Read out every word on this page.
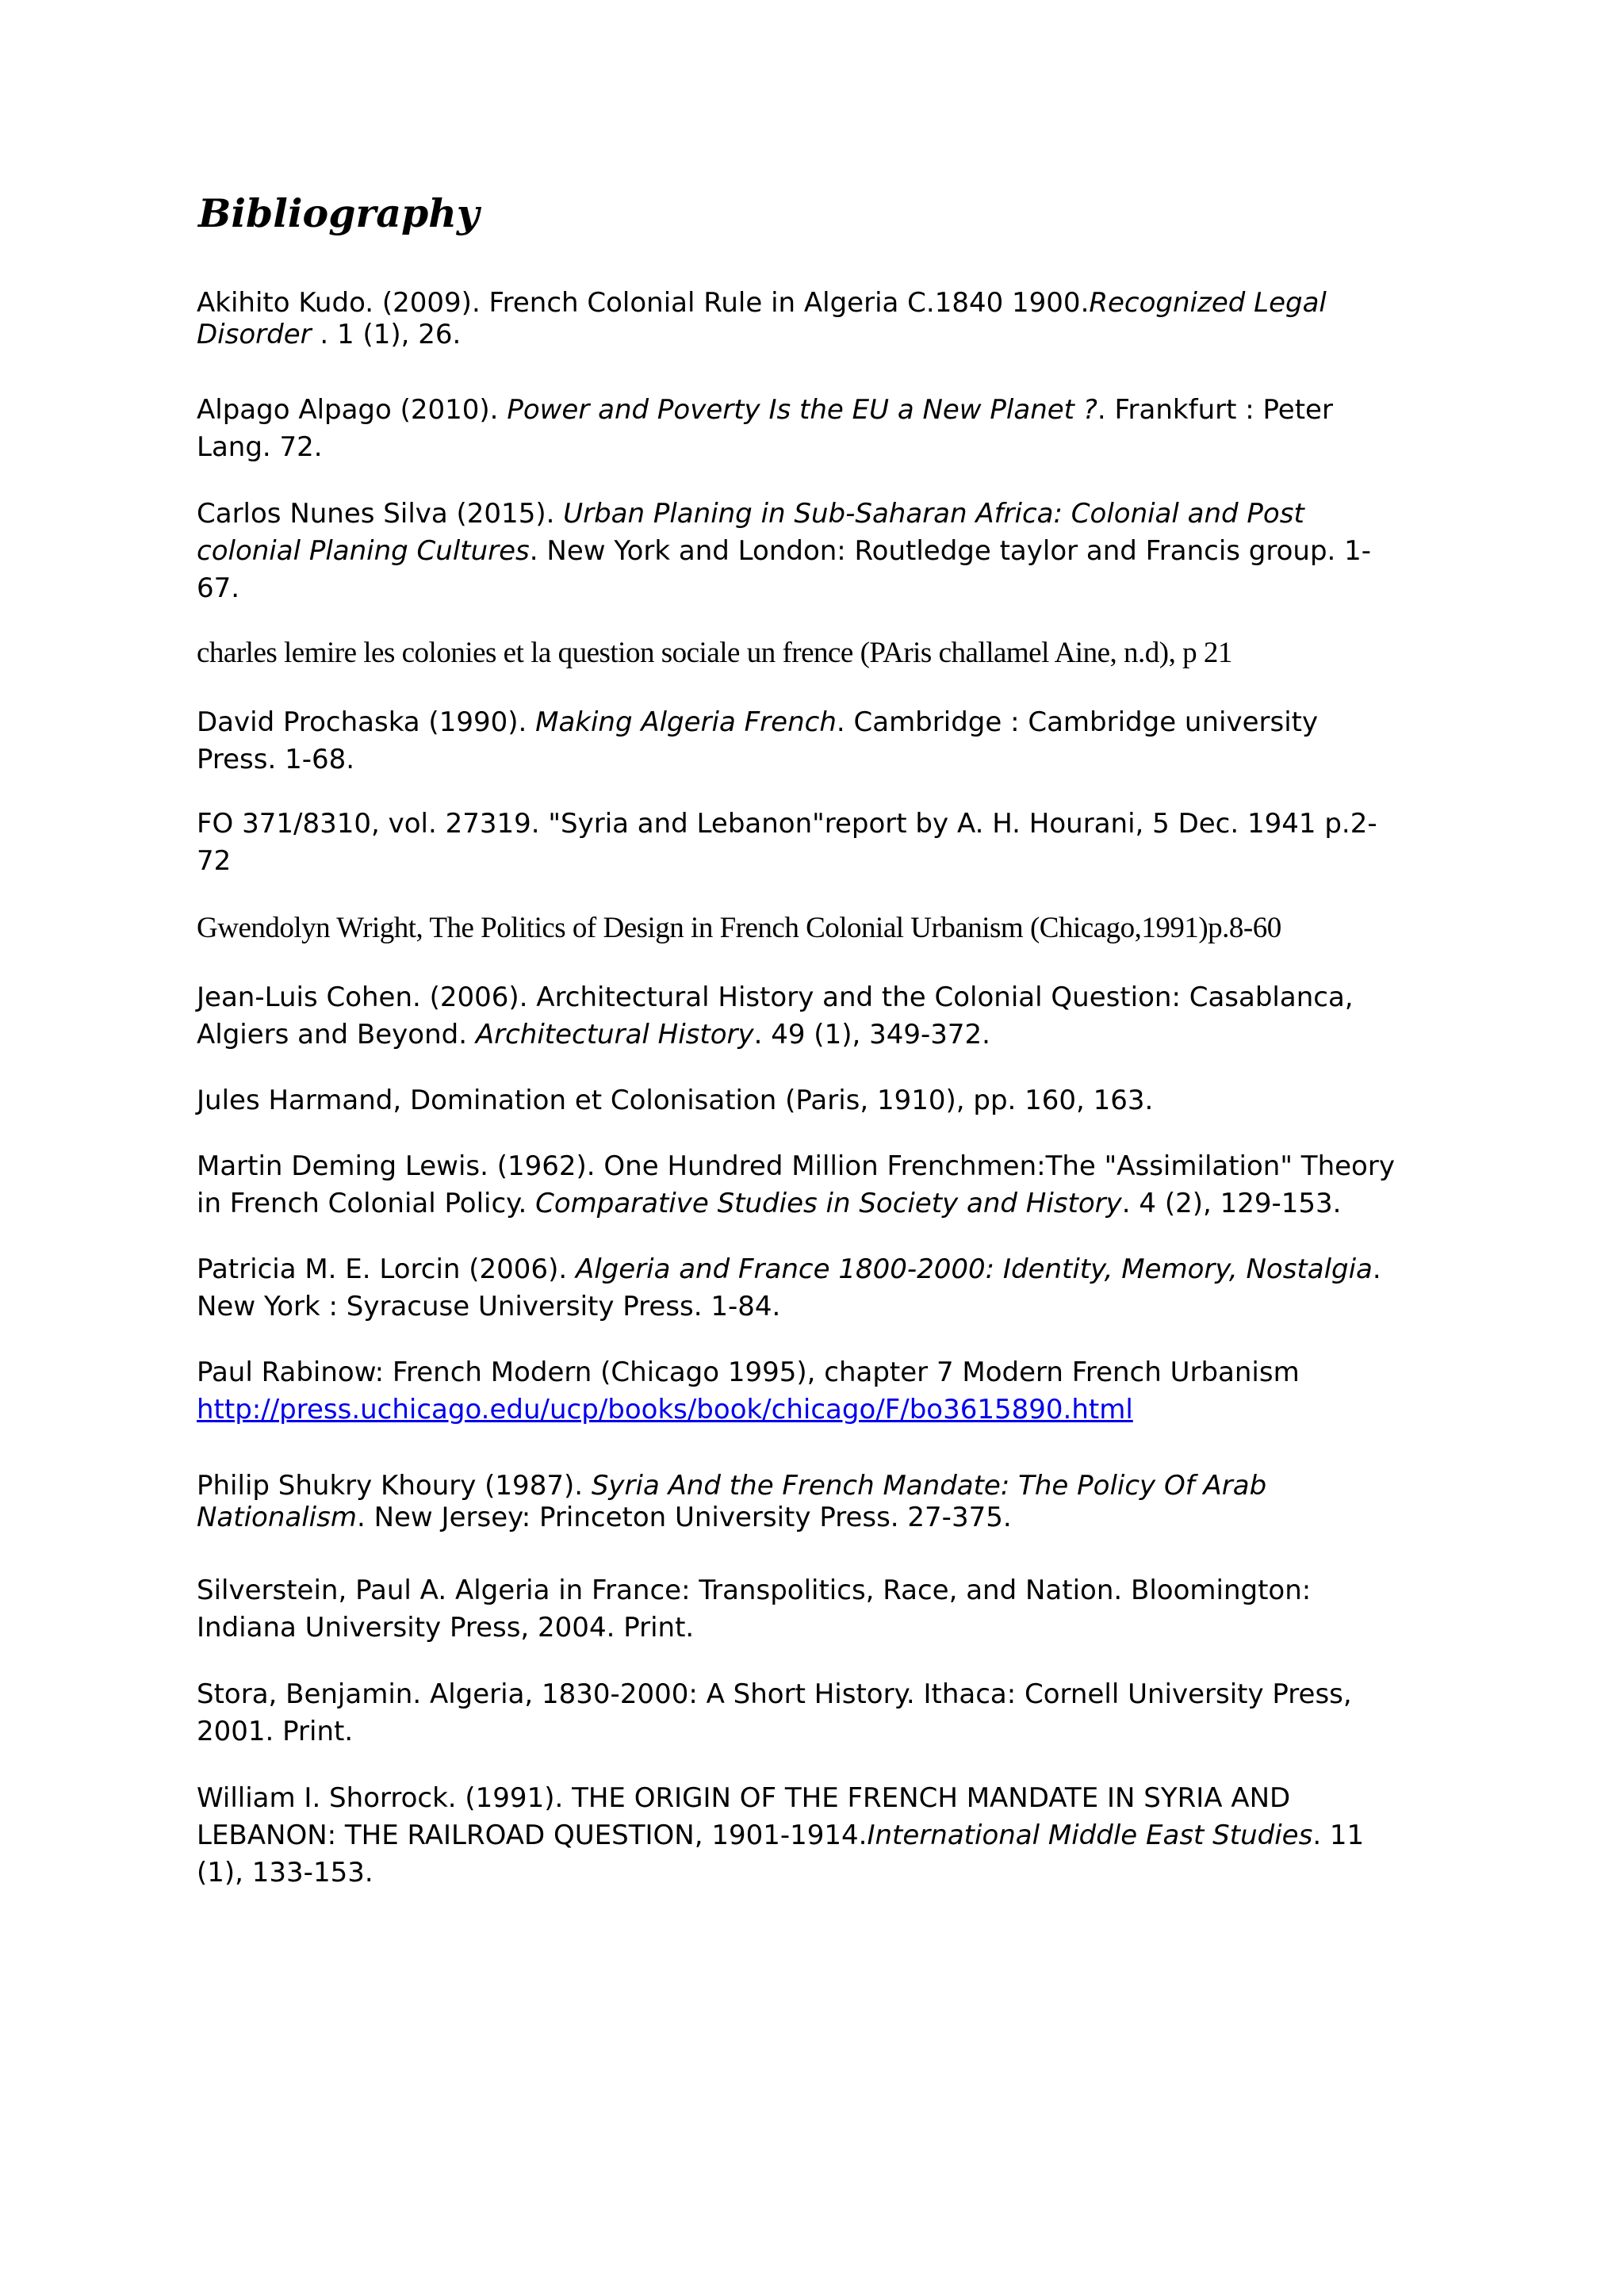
Bibliography
Akihito Kudo. (2009). French Colonial Rule in Algeria C.1840 1900.Recognized Legal
Disorder . 1 (1), 26.
Alpago Alpago (2010). Power and Poverty Is the EU a New Planet ?. Frankfurt : Peter
Lang. 72.
Carlos Nunes Silva (2015). Urban Planing in Sub-Saharan Africa: Colonial and Post
colonial Planing Cultures. New York and London: Routledge taylor and Francis group. 1-
67.
charles lemire les colonies et la question sociale un frence (PAris challamel Aine, n.d), p 21
David Prochaska (1990). Making Algeria French. Cambridge : Cambridge university
Press. 1-68.
FO 371/8310, vol. 27319. "Syria and Lebanon"report by A. H. Hourani, 5 Dec. 1941 p.2-
72
Gwendolyn Wright, The Politics of Design in French Colonial Urbanism (Chicago,1991)p.8-60
Jean-Luis Cohen. (2006). Architectural History and the Colonial Question: Casablanca,
Algiers and Beyond. Architectural History. 49 (1), 349-372.
Jules Harmand, Domination et Colonisation (Paris, 1910), pp. 160, 163.
Martin Deming Lewis. (1962). One Hundred Million Frenchmen:The "Assimilation" Theory
in French Colonial Policy. Comparative Studies in Society and History. 4 (2), 129-153.
Patricia M. E. Lorcin (2006). Algeria and France 1800-2000: Identity, Memory, Nostalgia.
New York : Syracuse University Press. 1-84.
Paul Rabinow: French Modern (Chicago 1995), chapter 7 Modern French Urbanism
http://press.uchicago.edu/ucp/books/book/chicago/F/bo3615890.html
Philip Shukry Khoury (1987). Syria And the French Mandate: The Policy Of Arab
Nationalism. New Jersey: Princeton University Press. 27-375.
Silverstein, Paul A. Algeria in France: Transpolitics, Race, and Nation. Bloomington:
Indiana University Press, 2004. Print.
Stora, Benjamin. Algeria, 1830-2000: A Short History. Ithaca: Cornell University Press,
2001. Print.
William I. Shorrock. (1991). THE ORIGIN OF THE FRENCH MANDATE IN SYRIA AND
LEBANON: THE RAILROAD QUESTION, 1901-1914.International Middle East Studies. 11
(1), 133-153.
